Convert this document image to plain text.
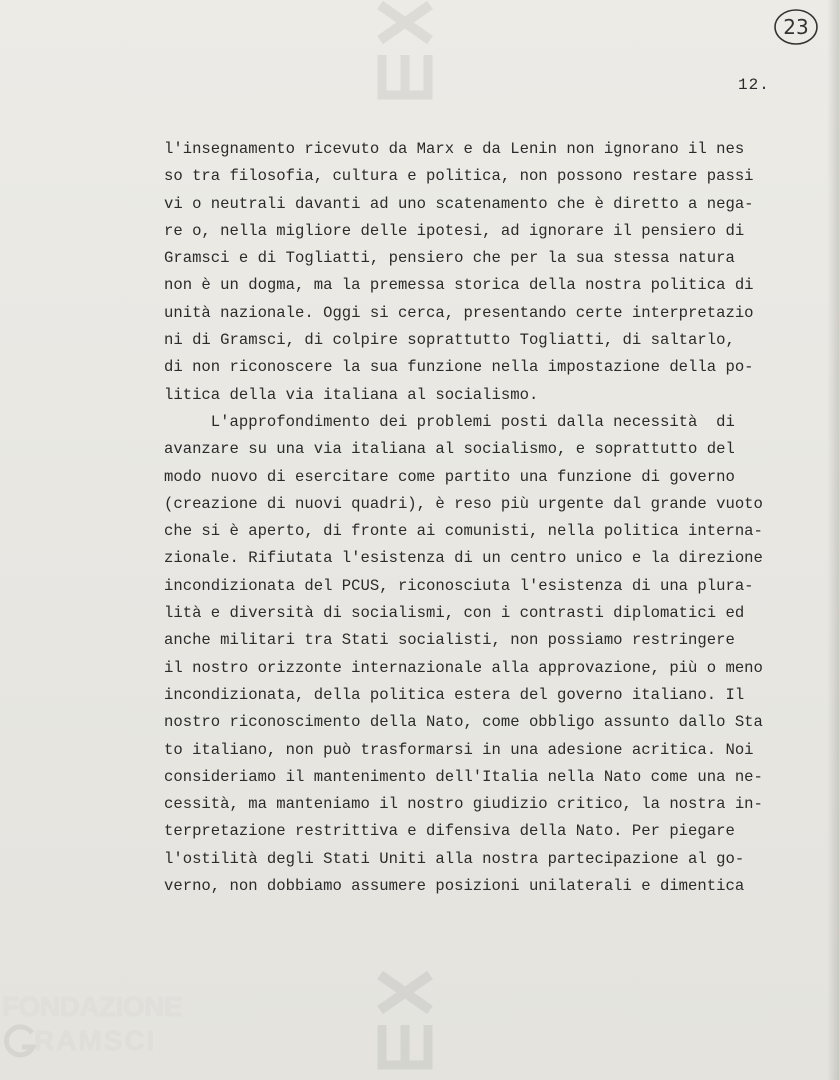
23
12.
l'insegnamento ricevuto da Marx e da Lenin non ignorano il nes
so tra filosofia, cultura e politica, non possono restare passi
vi o neutrali davanti ad uno scatenamento che è diretto a nega-
re o, nella migliore delle ipotesi, ad ignorare il pensiero di
Gramsci e di Togliatti, pensiero che per la sua stessa natura
non è un dogma, ma la premessa storica della nostra politica di
unità nazionale. Oggi si cerca, presentando certe interpretazio
ni di Gramsci, di colpire soprattutto Togliatti, di saltarlo,
di non riconoscere la sua funzione nella impostazione della po-
litica della via italiana al socialismo.
L'approfondimento dei problemi posti dalla necessità  di
avanzare su una via italiana al socialismo, e soprattutto del
modo nuovo di esercitare come partito una funzione di governo
(creazione di nuovi quadri), è reso più urgente dal grande vuoto
che si è aperto, di fronte ai comunisti, nella politica interna-
zionale. Rifiutata l'esistenza di un centro unico e la direzione
incondizionata del PCUS, riconosciuta l'esistenza di una plura-
lità e diversità di socialismi, con i contrasti diplomatici ed
anche militari tra Stati socialisti, non possiamo restringere
il nostro orizzonte internazionale alla approvazione, più o meno
incondizionata, della politica estera del governo italiano. Il
nostro riconoscimento della Nato, come obbligo assunto dallo Sta
to italiano, non può trasformarsi in una adesione acritica. Noi
consideriamo il mantenimento dell'Italia nella Nato come una ne-
cessità, ma manteniamo il nostro giudizio critico, la nostra in-
terpretazione restrittiva e difensiva della Nato. Per piegare
l'ostilità degli Stati Uniti alla nostra partecipazione al go-
verno, non dobbiamo assumere posizioni unilaterali e dimentica
FONDAZIONE
RAMSCI
